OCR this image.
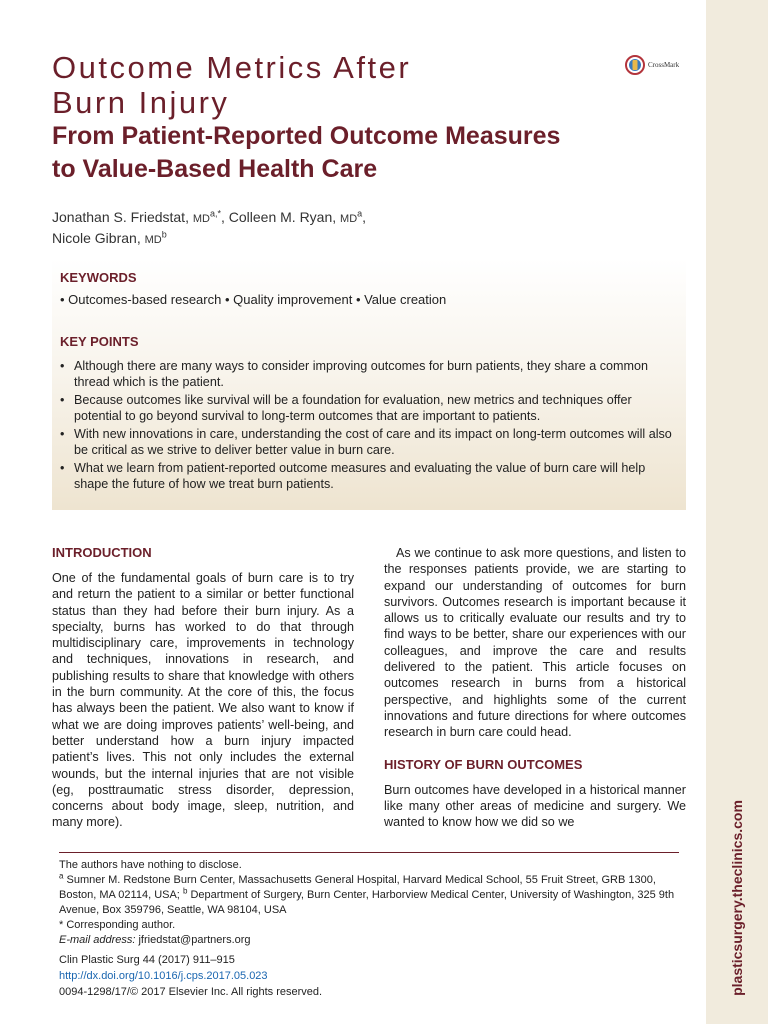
plasticsurgery.theclinics.com
Outcome Metrics After
Burn Injury
From Patient-Reported Outcome Measures
to Value-Based Health Care
CrossMark
Jonathan S. Friedstat, $MD^{a,*}$, Colleen M. Ryan, $MD^a$,
Nicole Gibran, $MD^b$
KEYWORDS
• Outcomes-based research • Quality improvement • Value creation
KEY POINTS
• Although there are many ways to consider improving outcomes for burn patients, they share a common thread which is the patient.
• Because outcomes like survival will be a foundation for evaluation, new metrics and techniques offer potential to go beyond survival to long-term outcomes that are important to patients.
• With new innovations in care, understanding the cost of care and its impact on long-term outcomes will also be critical as we strive to deliver better value in burn care.
• What we learn from patient-reported outcome measures and evaluating the value of burn care will help shape the future of how we treat burn patients.
INTRODUCTION

One of the fundamental goals of burn care is to try and return the patient to a similar or better functional status than they had before their burn injury. As a specialty, burns has worked to do that through multidisciplinary care, improvements in technology and techniques, innovations in research, and publishing results to share that knowledge with others in the burn community. At the core of this, the focus has always been the patient. We also want to know if what we are doing improves patients’ well-being, and better understand how a burn injury impacted patient’s lives. This not only includes the external wounds, but the internal injuries that are not visible (eg, posttraumatic stress disorder, depression, concerns about body image, sleep, nutrition, and many more).

As we continue to ask more questions, and listen to the responses patients provide, we are starting to expand our understanding of outcomes for burn survivors. Outcomes research is important because it allows us to critically evaluate our results and try to find ways to be better, share our experiences with our colleagues, and improve the care and results delivered to the patient. This article focuses on outcomes research in burns from a historical perspective, and highlights some of the current innovations and future directions for where outcomes research in burn care could head.

HISTORY OF BURN OUTCOMES

Burn outcomes have developed in a historical manner like many other areas of medicine and surgery. We wanted to know how we did so we

The authors have nothing to disclose.

$^a$ Sumner M. Redstone Burn Center, Massachusetts General Hospital, Harvard Medical School, 55 Fruit Street, GRB 1300, Boston, MA 02114, USA; $^b$ Department of Surgery, Burn Center, Harborview Medical Center, University of Washington, 325 9th Avenue, Box 359796, Seattle, WA 98104, USA

* Corresponding author.

E-mail address: jfriedstat@partners.org

Clin Plastic Surg 44 (2017) 911–915

http://dx.doi.org/10.1016/j.cps.2017.05.023

0094-1298/17/© 2017 Elsevier Inc. All rights reserved.
